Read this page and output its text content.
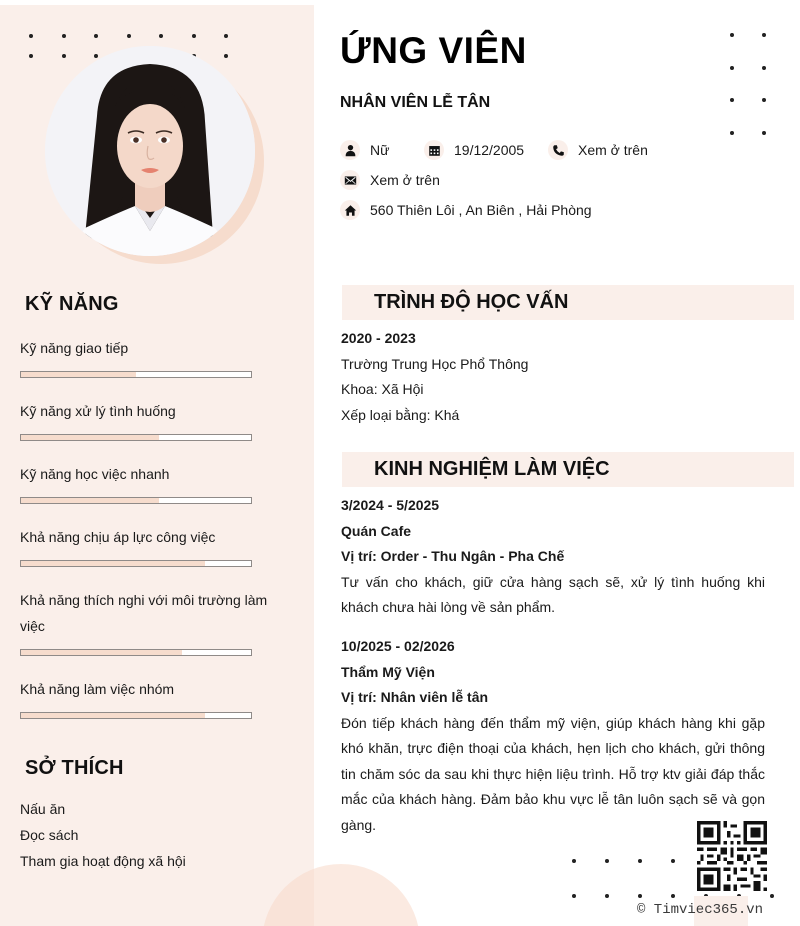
KỸ NĂNG
Kỹ năng giao tiếp
Kỹ năng xử lý tình huống
Kỹ năng học việc nhanh
Khả năng chịu áp lực công việc
Khả năng thích nghi với môi trường làm việc
Khả năng làm việc nhóm
SỞ THÍCH
Nấu ăn
Đọc sách
Tham gia hoạt động xã hội
ỨNG VIÊN
NHÂN VIÊN LỄ TÂN
Nữ	19/12/2005	Xem ở trên
Xem ở trên
560 Thiên Lôi , An Biên , Hải Phòng
TRÌNH ĐỘ HỌC VẤN
2020 - 2023
Trường Trung Học Phổ Thông
Khoa: Xã Hội
Xếp loại bằng: Khá
KINH NGHIỆM LÀM VIỆC
3/2024 - 5/2025
Quán Cafe
Vị trí: Order - Thu Ngân - Pha Chế
Tư vấn cho khách, giữ cửa hàng sạch sẽ, xử lý tình huống khi khách chưa hài lòng về sản phẩm.
10/2025 - 02/2026
Thẩm Mỹ Viện
Vị trí: Nhân viên lễ tân
Đón tiếp khách hàng đến thẩm mỹ viện, giúp khách hàng khi gặp khó khăn, trực điện thoại của khách, hẹn lịch cho khách, gửi thông tin chăm sóc da sau khi thực hiện liệu trình. Hỗ trợ ktv giải đáp thắc mắc của khách hàng. Đảm bảo khu vực lễ tân luôn sạch sẽ và gọn gàng.
© Timviec365.vn
